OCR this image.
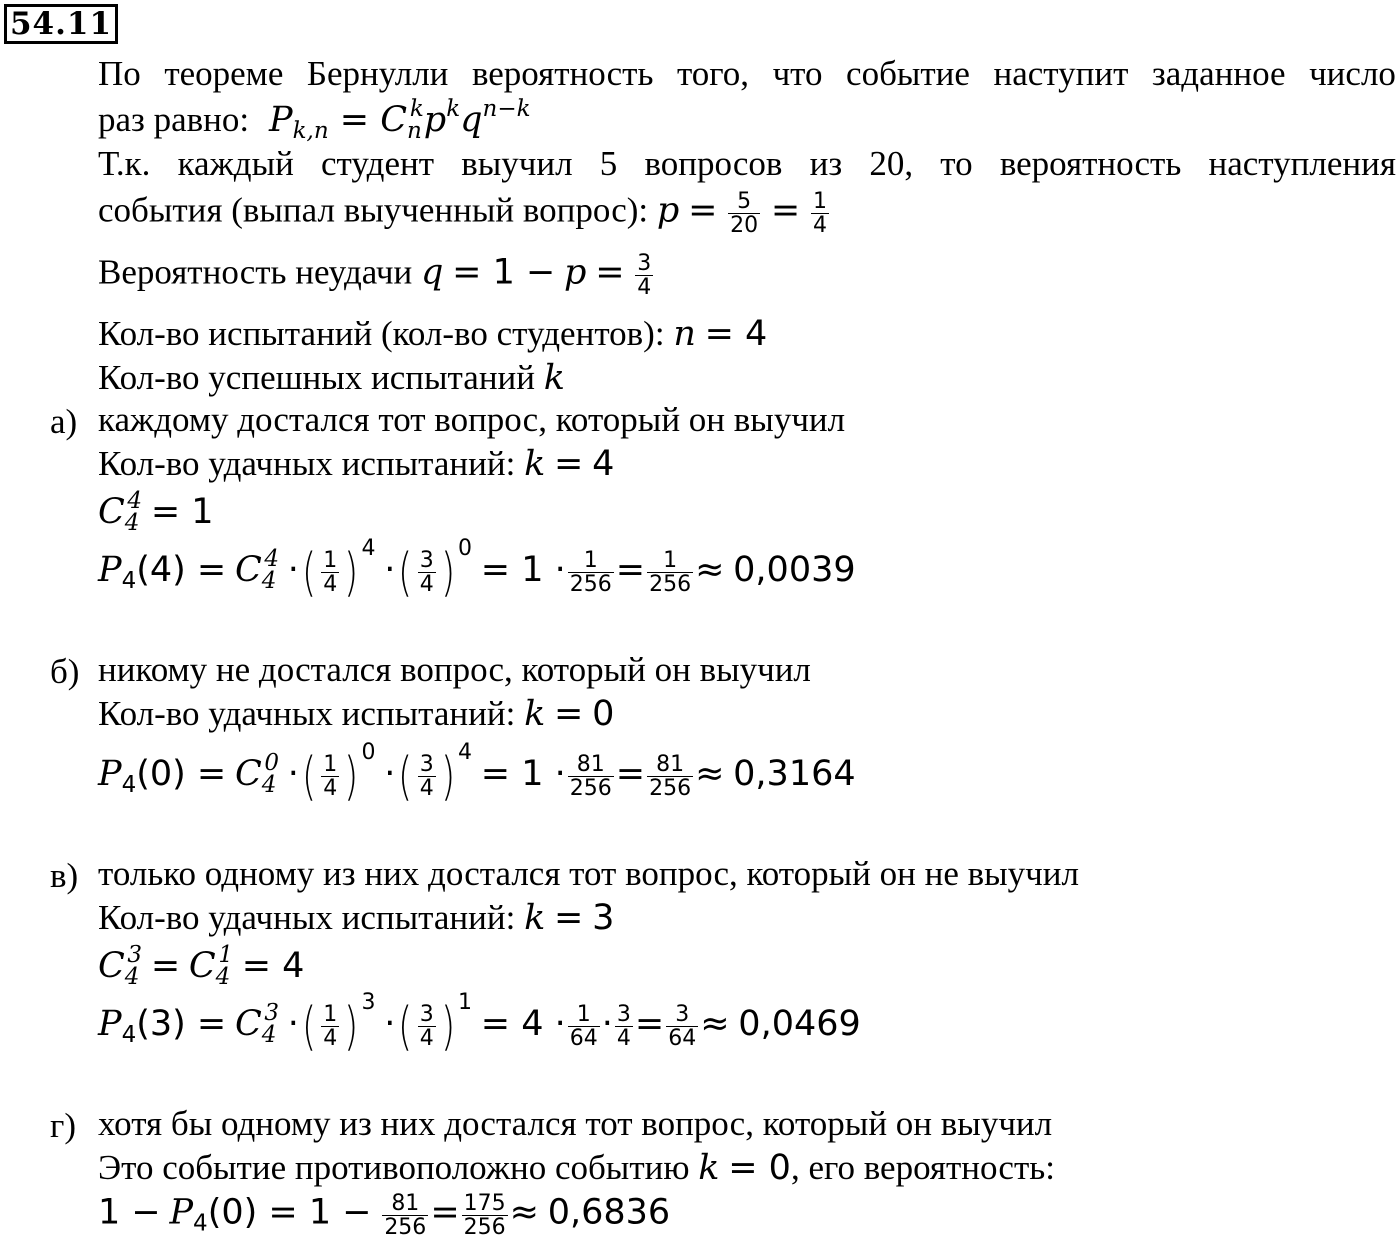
54.11
По теореме Бернулли вероятность того, что событие наступит заданное число
раз равно:  $P_{k,n} = C_n^kp^kq^{n-k}$
Т.к. каждый студент выучил 5 вопросов из 20, то вероятность наступления
события (выпал выученный вопрос): $p = \frac{5}{20} = \frac{1}{4}$
Вероятность неудачи $q = 1 - p = \frac{3}{4}$
Кол-во испытаний (кол-во студентов): n = 4
Кол-во успешных испытаний k
а) каждому достался тот вопрос, который он выучил
Кол-во удачных испытаний: k = 4
$C_4^4 = 1$
$P_4(4) = C_4^4$ ·( $\frac{1}{4}$ ) $^4$ ·( $\frac{3}{4}$ ) $^0 = 1 \cdot \frac{1}{256} = \frac{1}{256} \approx 0,0039$
б) никому не достался вопрос, который он выучил
Кол-во удачных испытаний: k = 0
$P_4(0) = C_4^0$ ·( $\frac{1}{4}$ ) $^0$ ·( $\frac{3}{4}$ ) $^4 = 1 \cdot \frac{81}{256} = \frac{81}{256} \approx 0,3164$
в) только одному из них достался тот вопрос, который он не выучил
Кол-во удачных испытаний: k = 3
$C_4^3 = C_4^1 = 4$
$P_4(3) = C_4^3$ ·( $\frac{1}{4}$ ) $^3$ ·( $\frac{3}{4}$ ) $^1 = 4 \cdot \frac{1}{64} \cdot \frac{3}{4} = \frac{3}{64} \approx 0,0469$
г) хотя бы одному из них достался тот вопрос, который он выучил
Это событие противоположно событию k = 0, его вероятность:
$1 - P_4(0) = 1 - \frac{81}{256} = \frac{175}{256} \approx 0,6836$
